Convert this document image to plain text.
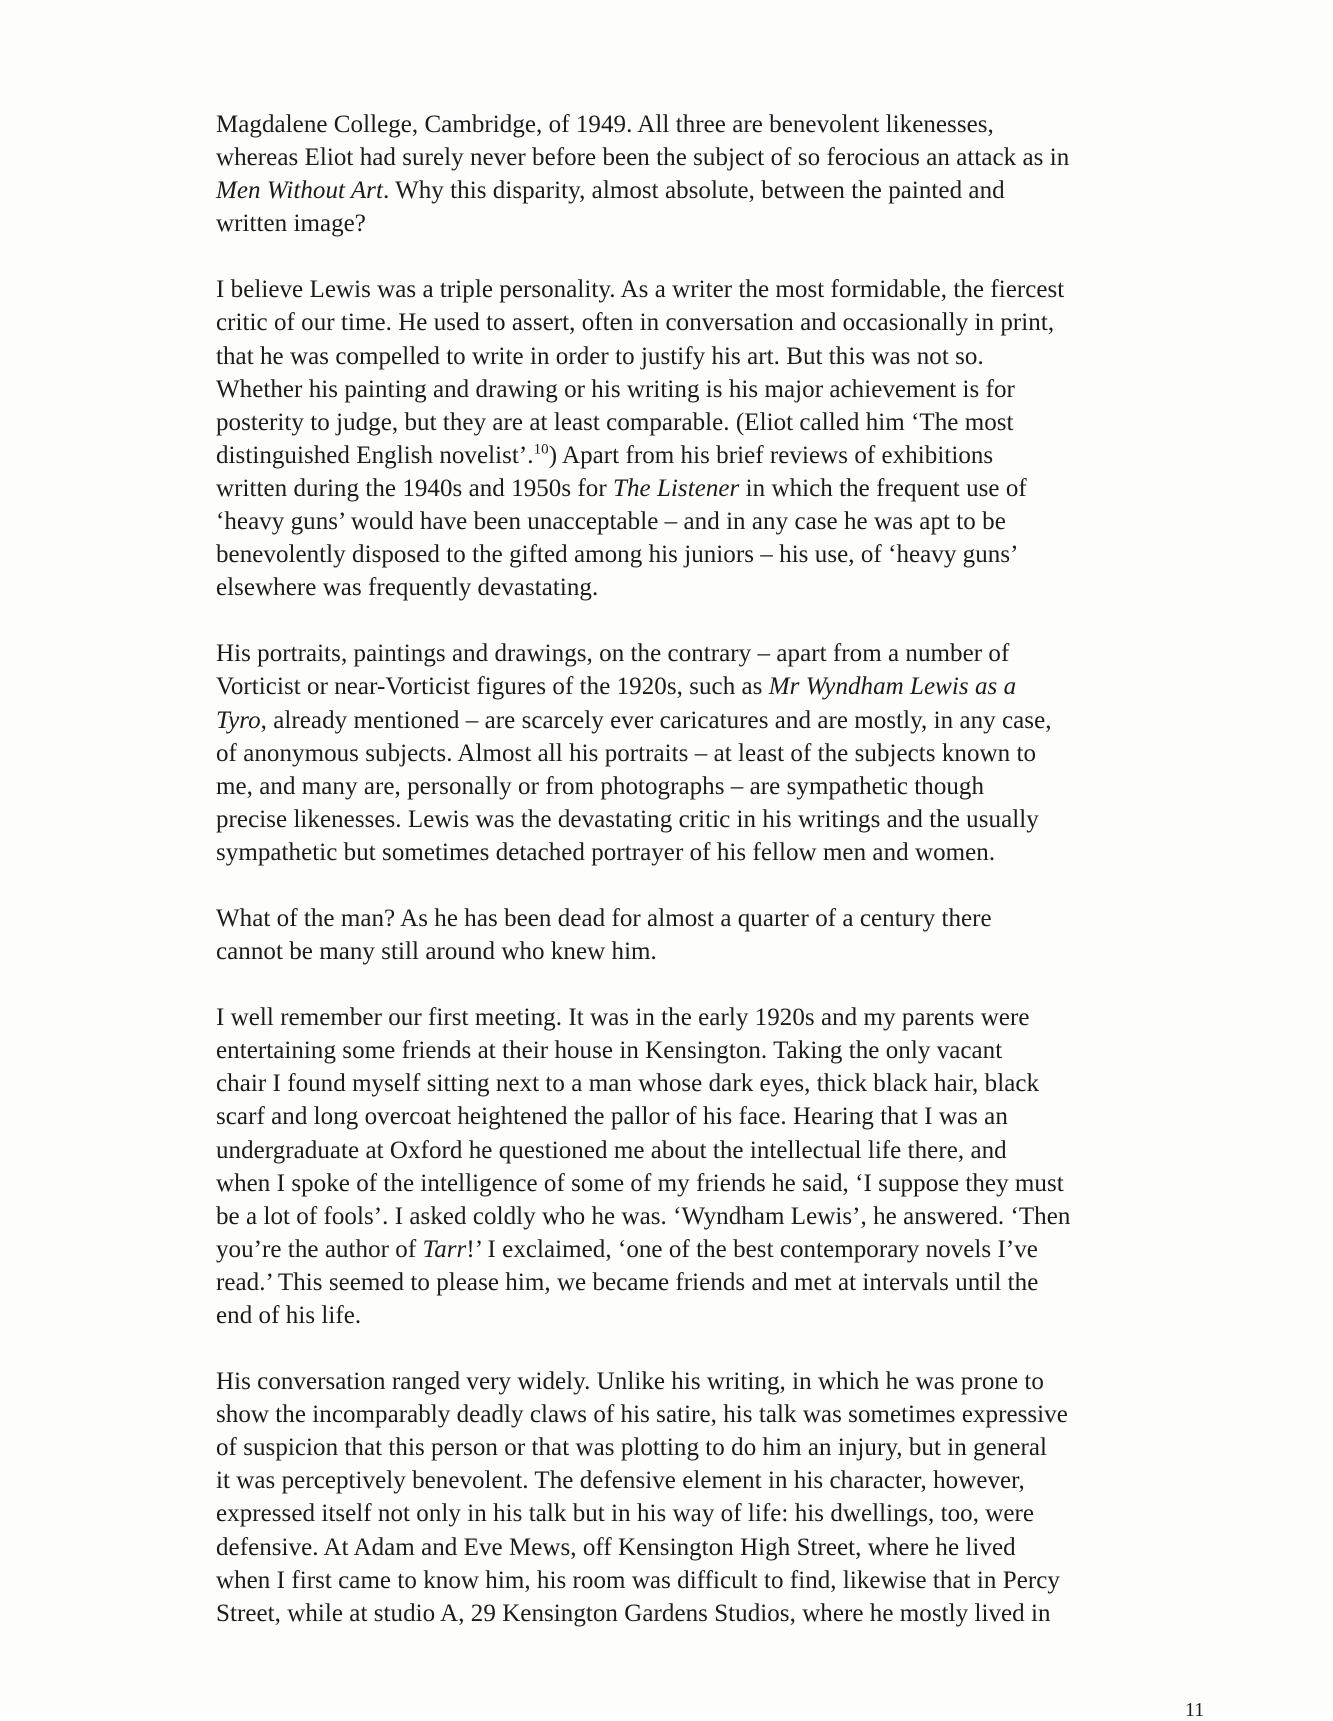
Magdalene College, Cambridge, of 1949. All three are benevolent likenesses,
whereas Eliot had surely never before been the subject of so ferocious an attack as in
Men Without Art. Why this disparity, almost absolute, between the painted and
written image?

I believe Lewis was a triple personality. As a writer the most formidable, the fiercest
critic of our time. He used to assert, often in conversation and occasionally in print,
that he was compelled to write in order to justify his art. But this was not so.
Whether his painting and drawing or his writing is his major achievement is for
posterity to judge, but they are at least comparable. (Eliot called him ‘The most
distinguished English novelist’.$^{10}$) Apart from his brief reviews of exhibitions
written during the 1940s and 1950s for The Listener in which the frequent use of
‘heavy guns’ would have been unacceptable – and in any case he was apt to be
benevolently disposed to the gifted among his juniors – his use, of ‘heavy guns’
elsewhere was frequently devastating.

His portraits, paintings and drawings, on the contrary – apart from a number of
Vorticist or near-Vorticist figures of the 1920s, such as Mr Wyndham Lewis as a
Tyro, already mentioned – are scarcely ever caricatures and are mostly, in any case,
of anonymous subjects. Almost all his portraits – at least of the subjects known to
me, and many are, personally or from photographs – are sympathetic though
precise likenesses. Lewis was the devastating critic in his writings and the usually
sympathetic but sometimes detached portrayer of his fellow men and women.

What of the man? As he has been dead for almost a quarter of a century there
cannot be many still around who knew him.

I well remember our first meeting. It was in the early 1920s and my parents were
entertaining some friends at their house in Kensington. Taking the only vacant
chair I found myself sitting next to a man whose dark eyes, thick black hair, black
scarf and long overcoat heightened the pallor of his face. Hearing that I was an
undergraduate at Oxford he questioned me about the intellectual life there, and
when I spoke of the intelligence of some of my friends he said, ‘I suppose they must
be a lot of fools’. I asked coldly who he was. ‘Wyndham Lewis’, he answered. ‘Then
you’re the author of Tarr!’ I exclaimed, ‘one of the best contemporary novels I’ve
read.’ This seemed to please him, we became friends and met at intervals until the
end of his life.

His conversation ranged very widely. Unlike his writing, in which he was prone to
show the incomparably deadly claws of his satire, his talk was sometimes expressive
of suspicion that this person or that was plotting to do him an injury, but in general
it was perceptively benevolent. The defensive element in his character, however,
expressed itself not only in his talk but in his way of life: his dwellings, too, were
defensive. At Adam and Eve Mews, off Kensington High Street, where he lived
when I first came to know him, his room was difficult to find, likewise that in Percy
Street, while at studio A, 29 Kensington Gardens Studios, where he mostly lived in

11
